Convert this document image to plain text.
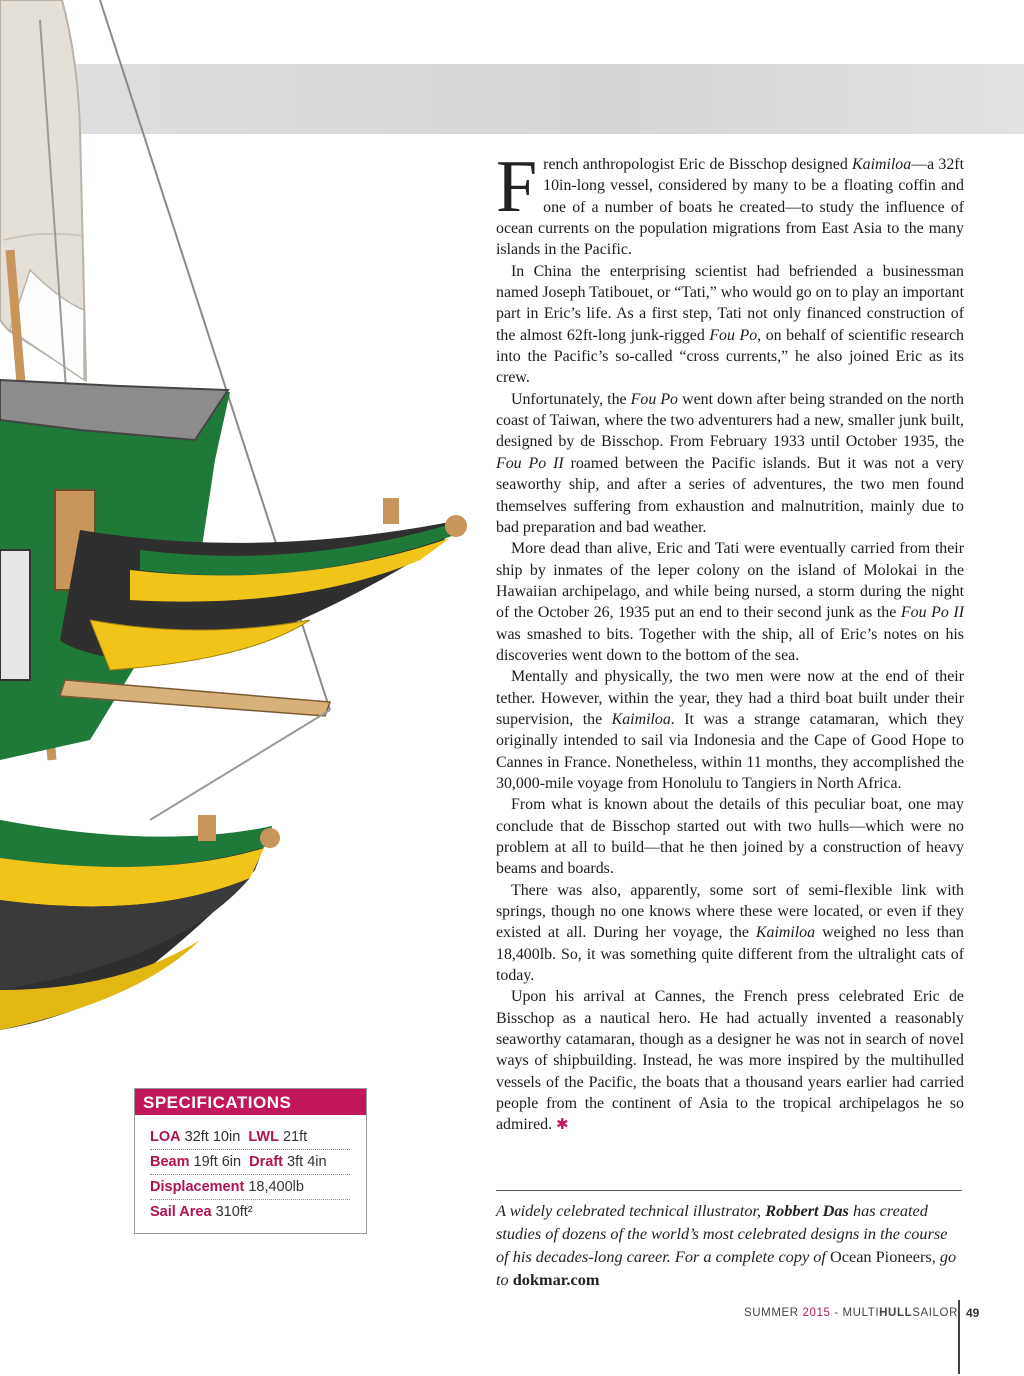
French anthropologist Eric de Bisschop designed Kaimiloa—a 32ft 10in-long vessel, considered by many to be a floating coffin and one of a number of boats he created—to study the influence of ocean currents on the population migrations from East Asia to the many islands in the Pacific.

In China the enterprising scientist had befriended a businessman named Joseph Tatibouet, or “Tati,” who would go on to play an important part in Eric’s life. As a first step, Tati not only financed construction of the almost 62ft-long junk-rigged Fou Po, on behalf of scientific research into the Pacific’s so-called “cross currents,” he also joined Eric as its crew.

Unfortunately, the Fou Po went down after being stranded on the north coast of Taiwan, where the two adventurers had a new, smaller junk built, designed by de Bisschop. From February 1933 until October 1935, the Fou Po II roamed between the Pacific islands. But it was not a very seaworthy ship, and after a series of adventures, the two men found themselves suffering from exhaustion and malnutrition, mainly due to bad preparation and bad weather.

More dead than alive, Eric and Tati were eventually carried from their ship by inmates of the leper colony on the island of Molokai in the Hawaiian archipelago, and while being nursed, a storm during the night of the October 26, 1935 put an end to their second junk as the Fou Po II was smashed to bits. Together with the ship, all of Eric’s notes on his discoveries went down to the bottom of the sea.

Mentally and physically, the two men were now at the end of their tether. However, within the year, they had a third boat built under their supervision, the Kaimiloa. It was a strange catamaran, which they originally intended to sail via Indonesia and the Cape of Good Hope to Cannes in France. Nonetheless, within 11 months, they accomplished the 30,000-mile voyage from Honolulu to Tangiers in North Africa.

From what is known about the details of this peculiar boat, one may conclude that de Bisschop started out with two hulls—which were no problem at all to build—that he then joined by a construction of heavy beams and boards.

There was also, apparently, some sort of semi-flexible link with springs, though no one knows where these were located, or even if they existed at all. During her voyage, the Kaimiloa weighed no less than 18,400lb. So, it was something quite different from the ultralight cats of today.

Upon his arrival at Cannes, the French press celebrated Eric de Bisschop as a nautical hero. He had actually invented a reasonably seaworthy catamaran, though as a designer he was not in search of novel ways of shipbuilding. Instead, he was more inspired by the multihulled vessels of the Pacific, the boats that a thousand years earlier had carried people from the continent of Asia to the tropical archipelagos he so admired. ✱

A widely celebrated technical illustrator, Robbert Das has created studies of dozens of the world’s most celebrated designs in the course of his decades-long career. For a complete copy of Ocean Pioneers, go to dokmar.com
SPECIFICATIONS
LOA 32ft 10in LWL 21ft
Beam 19ft 6in Draft 3ft 4in
Displacement 18,400lb
Sail Area 310ft²
SUMMER 2015 - MULTIHULLSAILOR 49
